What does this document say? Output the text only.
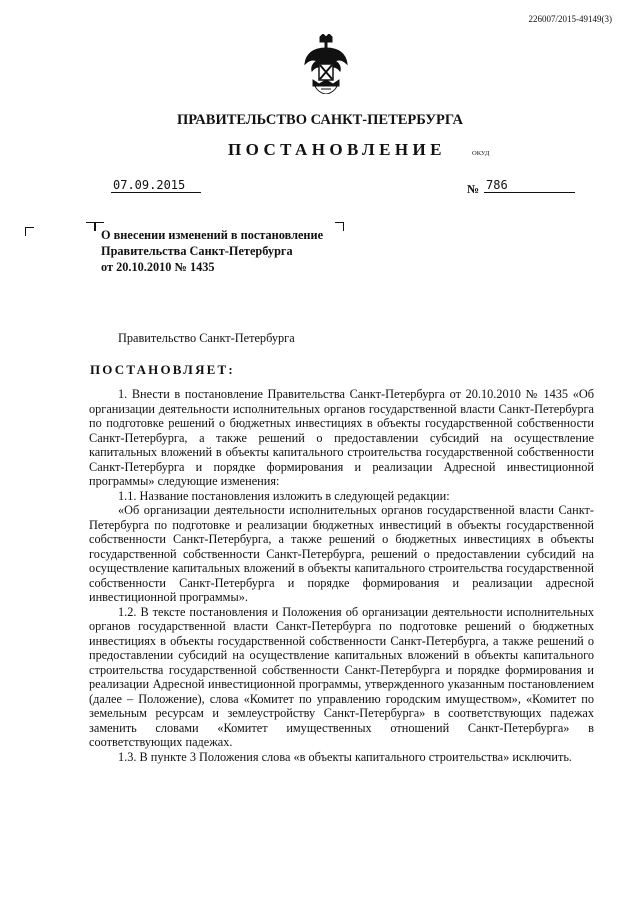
226007/2015-49149(3)
ПРАВИТЕЛЬСТВО САНКТ-ПЕТЕРБУРГА
ПОСТАНОВЛЕНИЕ	ОКУД
07.09.2015	№ 786
О внесении изменений в постановление
Правительства Санкт-Петербурга
от 20.10.2010 № 1435
Правительство Санкт-Петербурга
ПОСТАНОВЛЯЕТ:

1. Внести в постановление Правительства Санкт-Петербурга от 20.10.2010 № 1435 «Об организации деятельности исполнительных органов государственной власти Санкт-Петербурга по подготовке решений о бюджетных инвестициях в объекты государственной собственности Санкт-Петербурга, а также решений о предоставлении субсидий на осуществление капитальных вложений в объекты капитального строительства государственной собственности Санкт-Петербурга и порядке формирования и реализации Адресной инвестиционной программы» следующие изменения:

1.1. Название постановления изложить в следующей редакции:

«Об организации деятельности исполнительных органов государственной власти Санкт-Петербурга по подготовке и реализации бюджетных инвестиций в объекты государственной собственности Санкт-Петербурга, а также решений о бюджетных инвестициях в объекты государственной собственности Санкт-Петербурга, решений о предоставлении субсидий на осуществление капитальных вложений в объекты капитального строительства государственной собственности Санкт-Петербурга и порядке формирования и реализации адресной инвестиционной программы».

1.2. В тексте постановления и Положения об организации деятельности исполнительных органов государственной власти Санкт-Петербурга по подготовке решений о бюджетных инвестициях в объекты государственной собственности Санкт-Петербурга, а также решений о предоставлении субсидий на осуществление капитальных вложений в объекты капитального строительства государственной собственности Санкт-Петербурга и порядке формирования и реализации Адресной инвестиционной программы, утвержденного указанным постановлением (далее – Положение), слова «Комитет по управлению городским имуществом», «Комитет по земельным ресурсам и землеустройству Санкт-Петербурга» в соответствующих падежах заменить словами «Комитет имущественных отношений Санкт-Петербурга» в соответствующих падежах.

1.3. В пункте 3 Положения слова «в объекты капитального строительства» исключить.
